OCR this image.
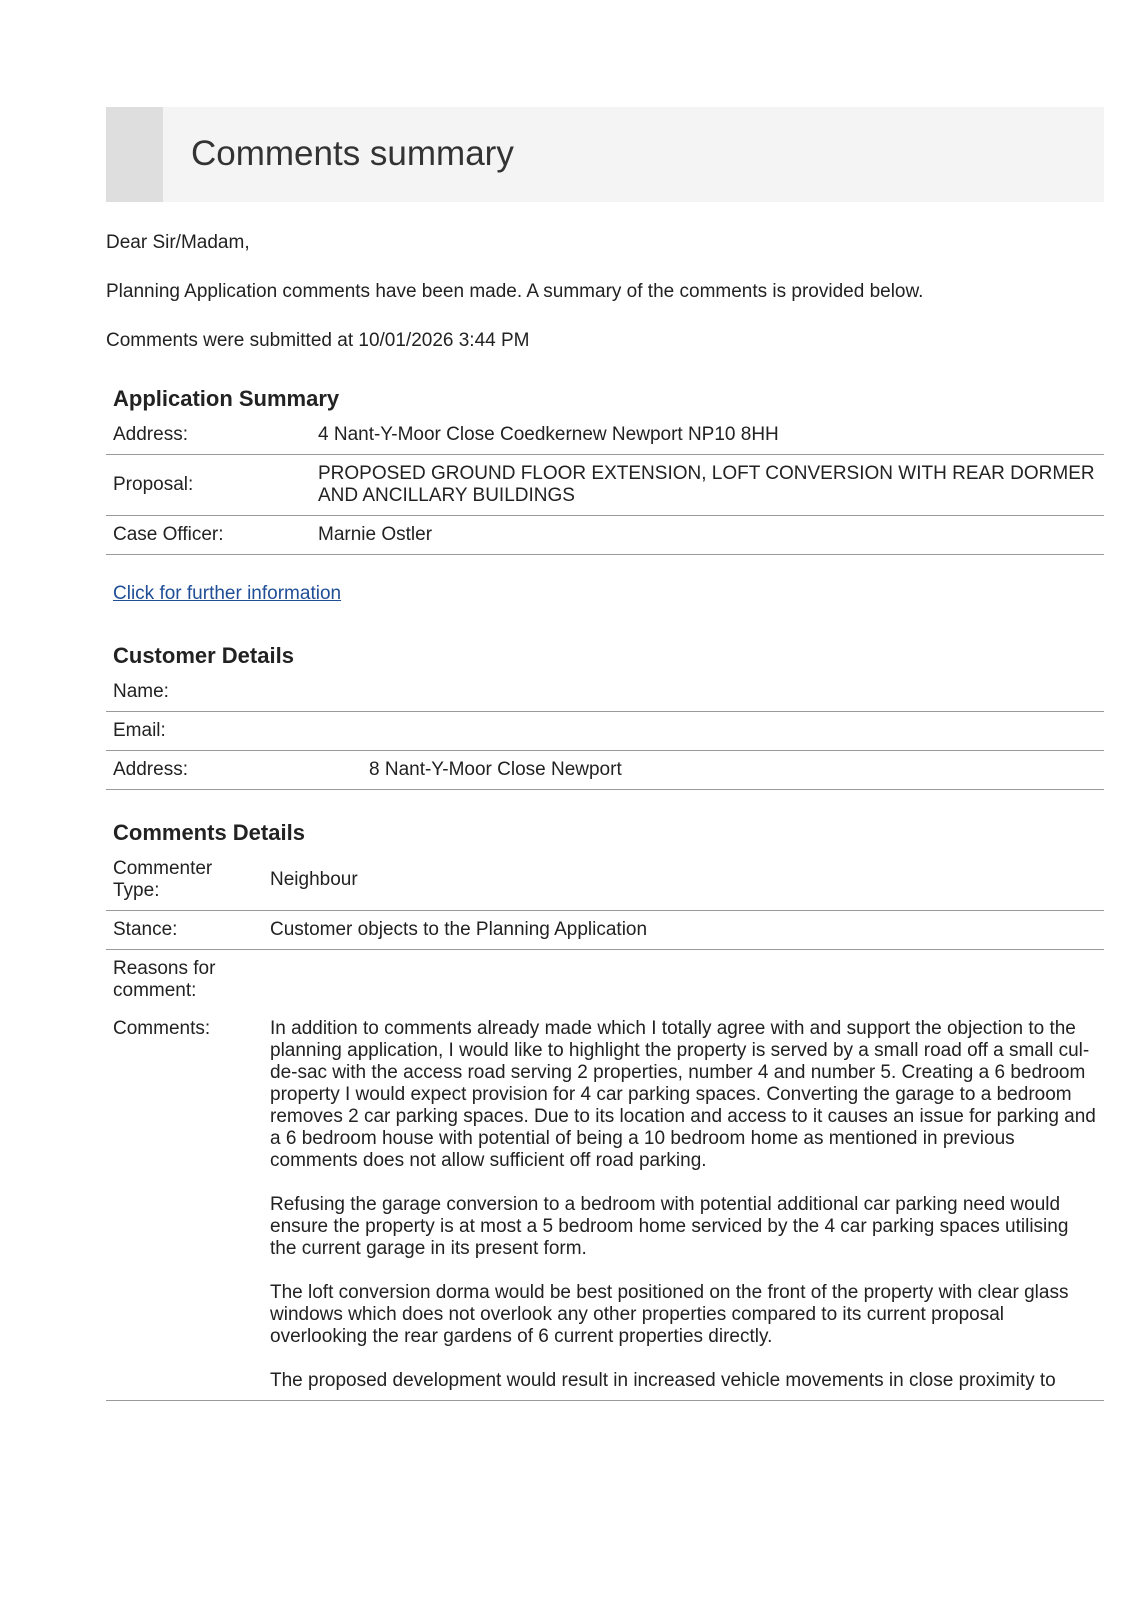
Comments summary

Dear Sir/Madam,

Planning Application comments have been made. A summary of the comments is provided below.

Comments were submitted at 10/01/2026 3:44 PM

Application Summary
Address:	4 Nant-Y-Moor Close Coedkernew Newport NP10 8HH
Proposal:	PROPOSED GROUND FLOOR EXTENSION, LOFT CONVERSION WITH REAR DORMER AND ANCILLARY BUILDINGS
Case Officer:	Marnie Ostler
Click for further information
Customer Details
Name:	
Email:	
Address:	8 Nant-Y-Moor Close Newport
Comments Details
Commenter Type:	Neighbour
Stance:	Customer objects to the Planning Application
Reasons for comment:	
Comments:	In addition to comments already made which I totally agree with and support the objection to the planning application, I would like to highlight the property is served by a small road off a small cul-de-sac with the access road serving 2 properties, number 4 and number 5. Creating a 6 bedroom property I would expect provision for 4 car parking spaces. Converting the garage to a bedroom removes 2 car parking spaces. Due to its location and access to it causes an issue for parking and a 6 bedroom house with potential of being a 10 bedroom home as mentioned in previous comments does not allow sufficient off road parking.

Refusing the garage conversion to a bedroom with potential additional car parking need would ensure the property is at most a 5 bedroom home serviced by the 4 car parking spaces utilising the current garage in its present form.

The loft conversion dorma would be best positioned on the front of the property with clear glass windows which does not overlook any other properties compared to its current proposal overlooking the rear gardens of 6 current properties directly.

The proposed development would result in increased vehicle movements in close proximity to
